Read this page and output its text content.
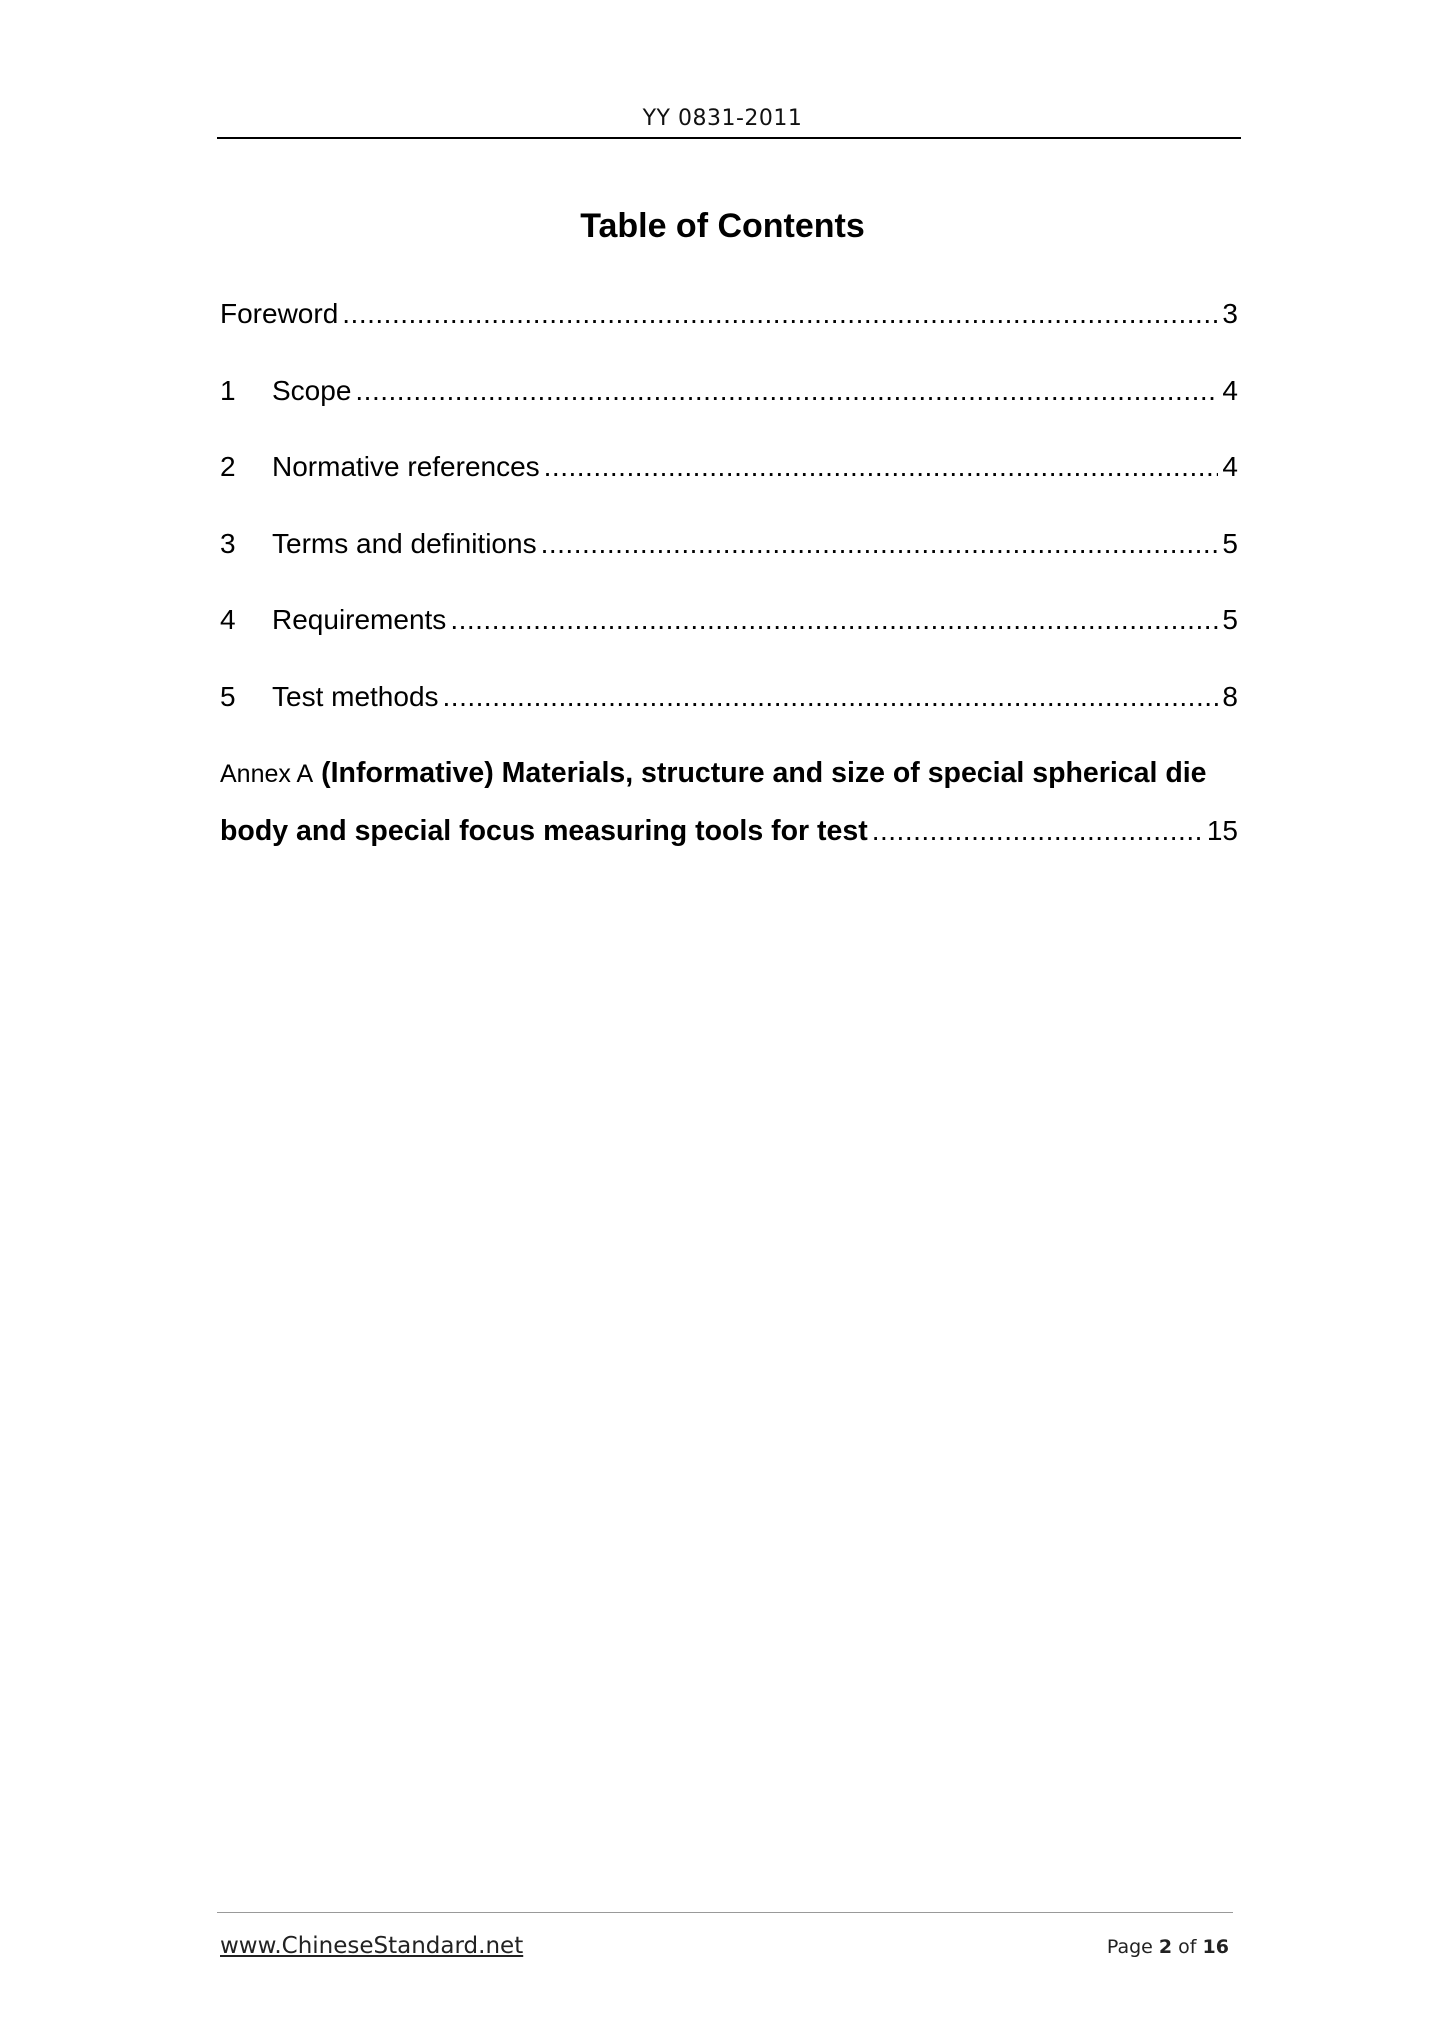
YY 0831-2011
Table of Contents
Foreword .....	3
1	Scope .....	4
2	Normative references .....	4
3	Terms and definitions .....	5
4	Requirements .....	5
5	Test methods .....	8
Annex A (Informative) Materials, structure and size of special spherical die
body and special focus measuring tools for test .....	15
www.ChineseStandard.net	Page 2 of 16
